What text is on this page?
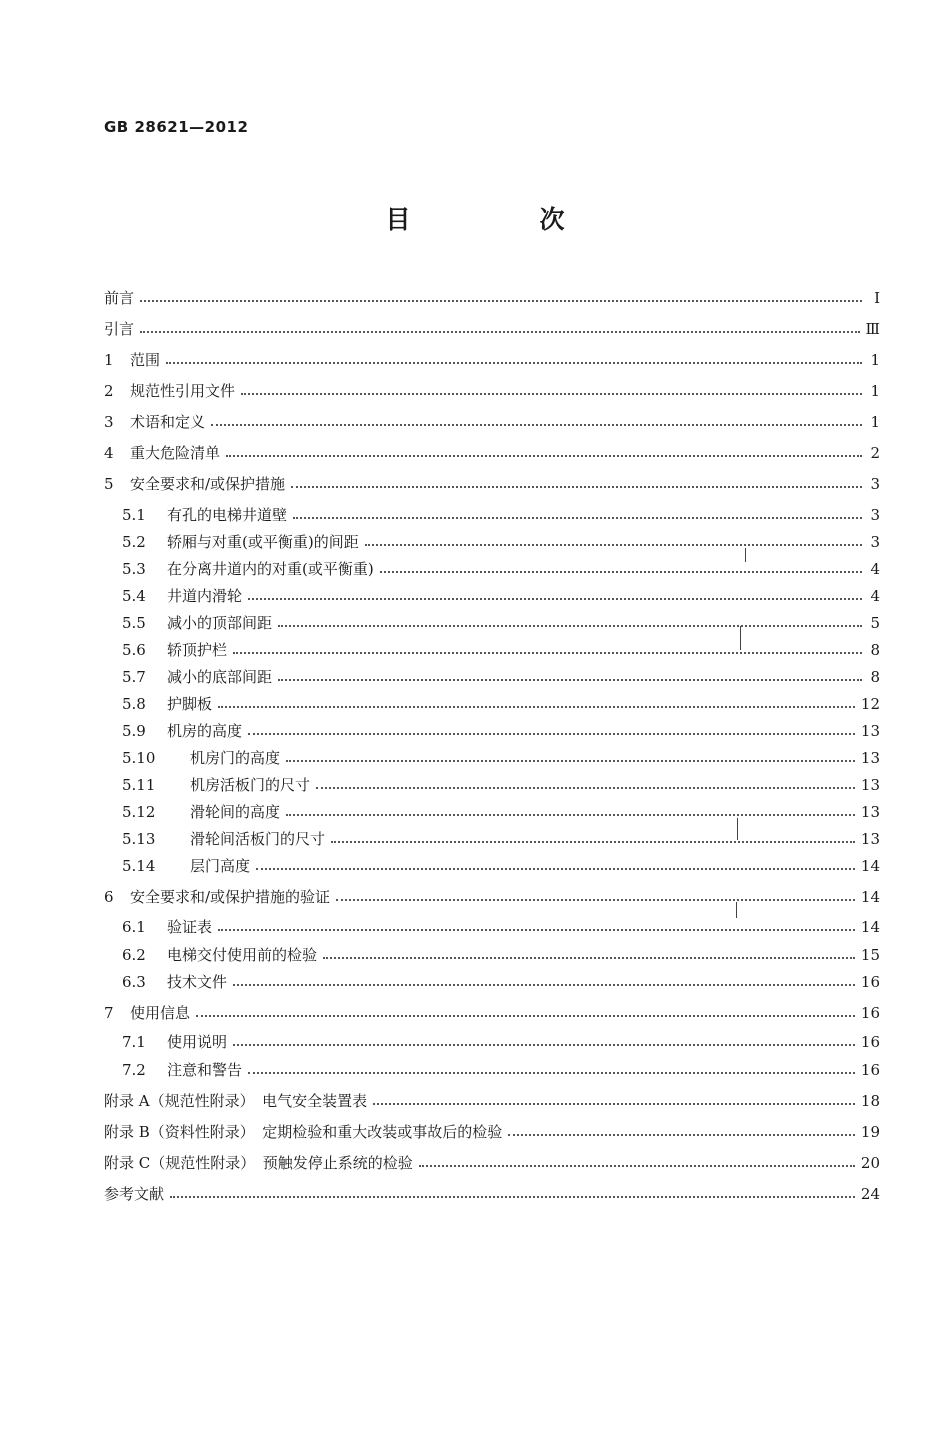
GB 28621—2012
目　次
前言	Ⅰ
引言	Ⅲ
1	范围	1
2	规范性引用文件	1
3	术语和定义	1
4	重大危险清单	2
5	安全要求和/或保护措施	3
5.1	有孔的电梯井道壁	3
5.2	轿厢与对重(或平衡重)的间距	3
5.3	在分离井道内的对重(或平衡重)	4
5.4	井道内滑轮	4
5.5	减小的顶部间距	5
5.6	轿顶护栏	8
5.7	减小的底部间距	8
5.8	护脚板	12
5.9	机房的高度	13
5.10	机房门的高度	13
5.11	机房活板门的尺寸	13
5.12	滑轮间的高度	13
5.13	滑轮间活板门的尺寸	13
5.14	层门高度	14
6	安全要求和/或保护措施的验证	14
6.1	验证表	14
6.2	电梯交付使用前的检验	15
6.3	技术文件	16
7	使用信息	16
7.1	使用说明	16
7.2	注意和警告	16
附录 A（规范性附录）　电气安全装置表	18
附录 B（资料性附录）　定期检验和重大改装或事故后的检验	19
附录 C（规范性附录）　预触发停止系统的检验	20
参考文献	24
